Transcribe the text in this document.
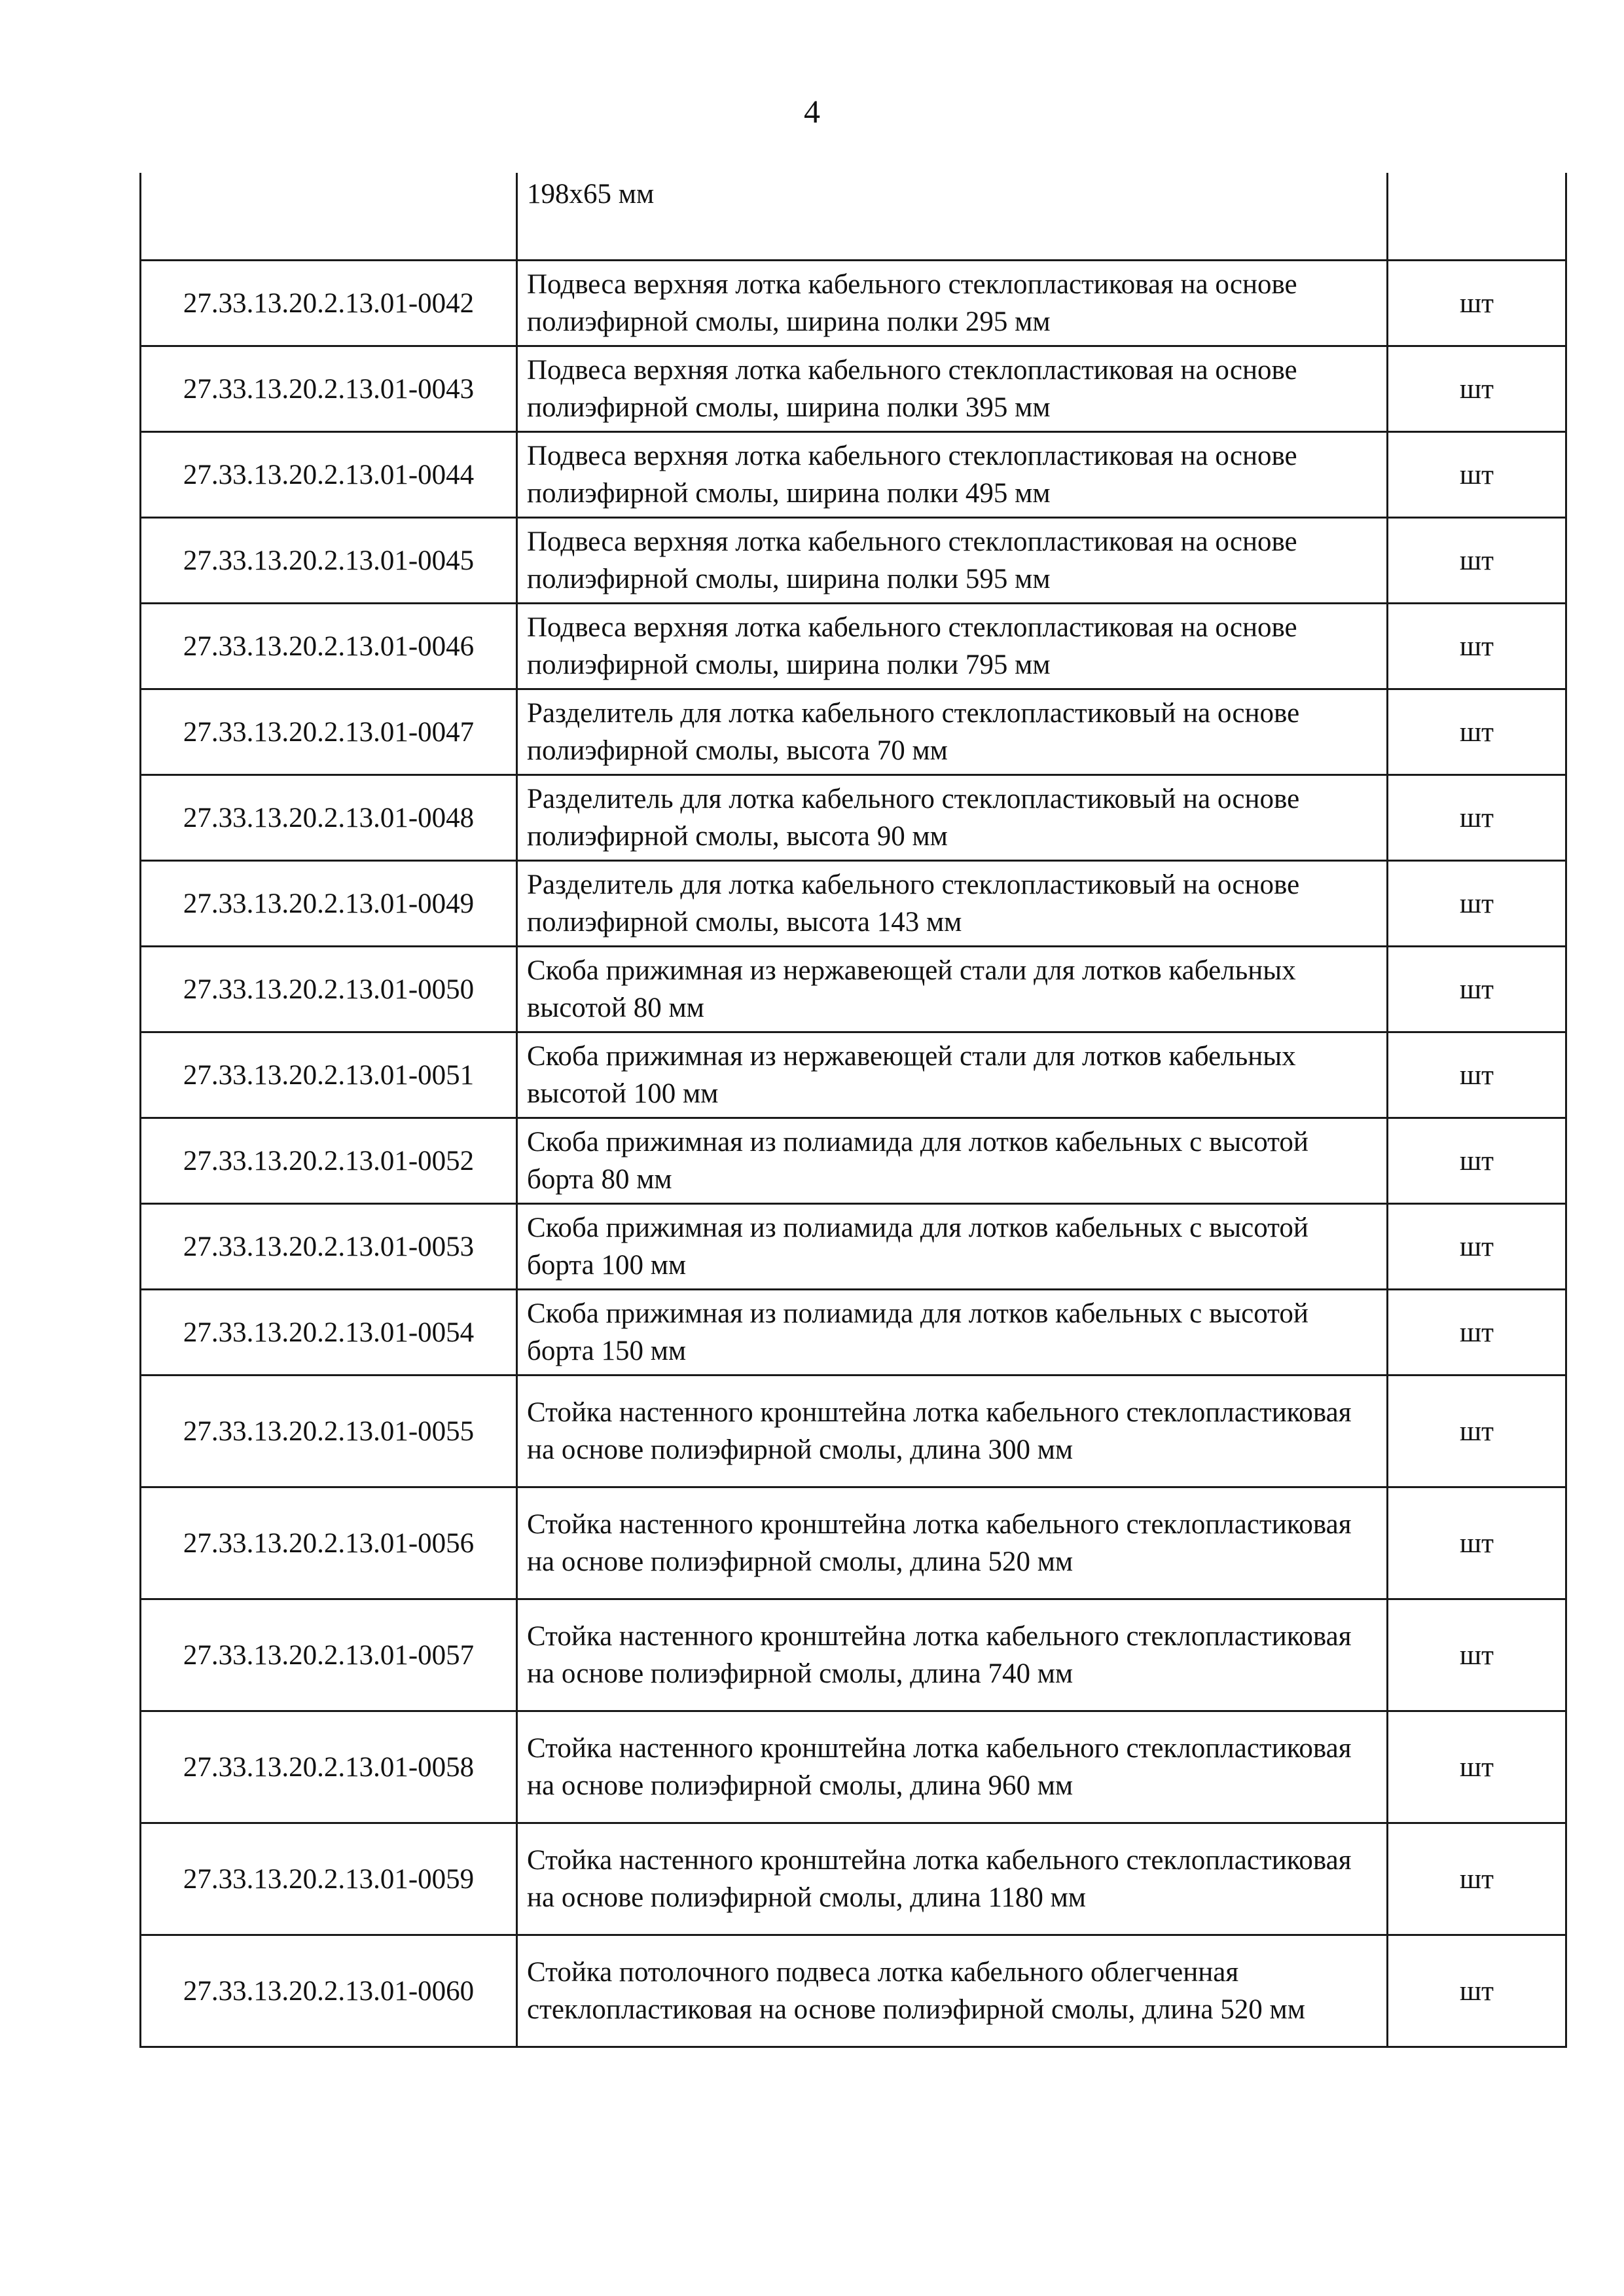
4
	198х65 мм	
27.33.13.20.2.13.01-0042	Подвеса верхняя лотка кабельного стеклопластиковая на основе полиэфирной смолы, ширина полки 295 мм	шт
27.33.13.20.2.13.01-0043	Подвеса верхняя лотка кабельного стеклопластиковая на основе полиэфирной смолы, ширина полки 395 мм	шт
27.33.13.20.2.13.01-0044	Подвеса верхняя лотка кабельного стеклопластиковая на основе полиэфирной смолы, ширина полки 495 мм	шт
27.33.13.20.2.13.01-0045	Подвеса верхняя лотка кабельного стеклопластиковая на основе полиэфирной смолы, ширина полки 595 мм	шт
27.33.13.20.2.13.01-0046	Подвеса верхняя лотка кабельного стеклопластиковая на основе полиэфирной смолы, ширина полки 795 мм	шт
27.33.13.20.2.13.01-0047	Разделитель для лотка кабельного стеклопластиковый на основе полиэфирной смолы, высота 70 мм	шт
27.33.13.20.2.13.01-0048	Разделитель для лотка кабельного стеклопластиковый на основе полиэфирной смолы, высота 90 мм	шт
27.33.13.20.2.13.01-0049	Разделитель для лотка кабельного стеклопластиковый на основе полиэфирной смолы, высота 143 мм	шт
27.33.13.20.2.13.01-0050	Скоба прижимная из нержавеющей стали для лотков кабельных высотой 80 мм	шт
27.33.13.20.2.13.01-0051	Скоба прижимная из нержавеющей стали для лотков кабельных высотой 100 мм	шт
27.33.13.20.2.13.01-0052	Скоба прижимная из полиамида для лотков кабельных с высотой борта 80 мм	шт
27.33.13.20.2.13.01-0053	Скоба прижимная из полиамида для лотков кабельных с высотой борта 100 мм	шт
27.33.13.20.2.13.01-0054	Скоба прижимная из полиамида для лотков кабельных с высотой борта 150 мм	шт
27.33.13.20.2.13.01-0055	Стойка настенного кронштейна лотка кабельного стеклопластиковая на основе полиэфирной смолы, длина 300 мм	шт
27.33.13.20.2.13.01-0056	Стойка настенного кронштейна лотка кабельного стеклопластиковая на основе полиэфирной смолы, длина 520 мм	шт
27.33.13.20.2.13.01-0057	Стойка настенного кронштейна лотка кабельного стеклопластиковая на основе полиэфирной смолы, длина 740 мм	шт
27.33.13.20.2.13.01-0058	Стойка настенного кронштейна лотка кабельного стеклопластиковая на основе полиэфирной смолы, длина 960 мм	шт
27.33.13.20.2.13.01-0059	Стойка настенного кронштейна лотка кабельного стеклопластиковая на основе полиэфирной смолы, длина 1180 мм	шт
27.33.13.20.2.13.01-0060	Стойка потолочного подвеса лотка кабельного облегченная стеклопластиковая на основе полиэфирной смолы, длина 520 мм	шт
